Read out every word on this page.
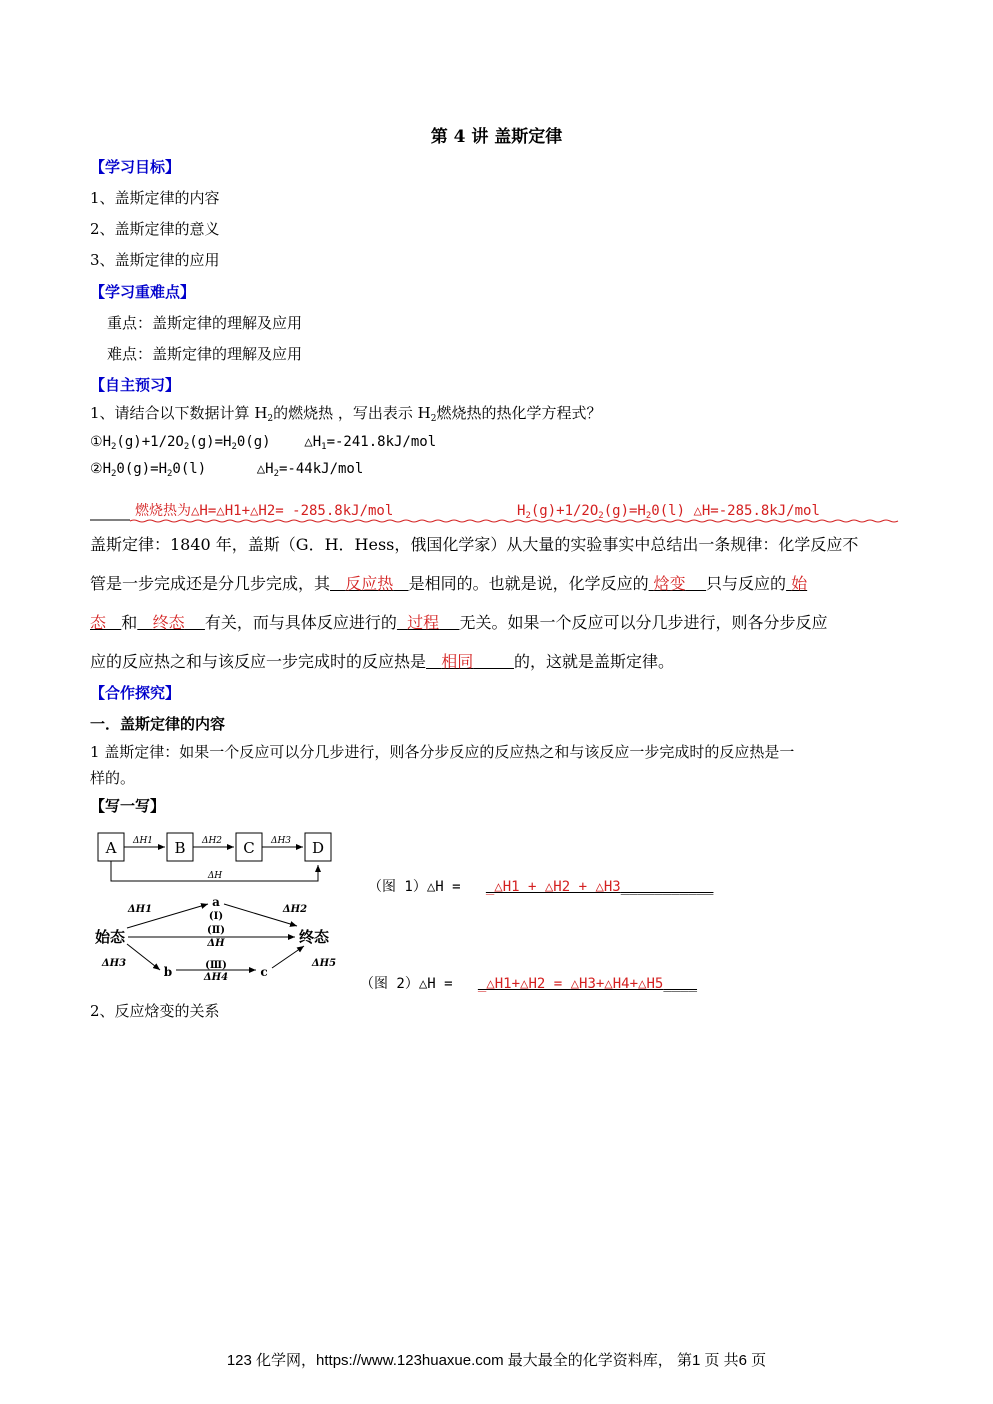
第 4 讲 盖斯定律
【学习目标】
1、盖斯定律的内容
2、盖斯定律的意义
3、盖斯定律的应用
【学习重难点】
重点：盖斯定律的理解及应用
难点：盖斯定律的理解及应用
【自主预习】
1、请结合以下数据计算 $H_2$的燃烧热 ，写出表示 $H_2$燃烧热的热化学方程式？
$①H_2(g)+1/2O_2(g)=H_20(g)$    $\triangle H_1=-241.8kJ$/mol
$②H_20(g)=H_20(l)$      $\triangle H_2=-44kJ$/mol
燃烧热为△H=△H1+△H2= -285.8kJ/mol	$H_2(g)+1/2O_2(g)=H_20(l)$ △H=-285.8kJ/mol
盖斯定律：1840 年，盖斯（G．H．Hess，俄国化学家）从大量的实验事实中总结出一条规律：化学反应不
管是一步完成还是分几步完成，其 反应热 是相同的。也就是说，化学反应的 焓变 只与反应的 始
态 和 终态 有关，而与具体反应进行的 过程 无关。如果一个反应可以分几步进行，则各分步反应
应的反应热之和与该反应一步完成时的反应热是 相同	的，这就是盖斯定律。
【合作探究】
一．盖斯定律的内容
1 盖斯定律：如果一个反应可以分几步进行，则各分步反应的反应热之和与该反应一步完成时的反应热是一
样的。
【写一写】
A	B	C	D
ΔH1	ΔH2	ΔH3
ΔH
（图 1）△H = _△H1 + △H2 + △H3___________
始态	终态
a
b	c
(Ⅰ)
(Ⅱ)
(Ⅲ)
ΔH1	ΔH2
ΔH
ΔH3
ΔH4
ΔH5
（图 2）△H = _△H1+△H2 = △H3+△H4+△H5____
2、反应焓变的关系
123 化学网，https://www.123huaxue.com 最大最全的化学资料库， 第1 页 共6 页
